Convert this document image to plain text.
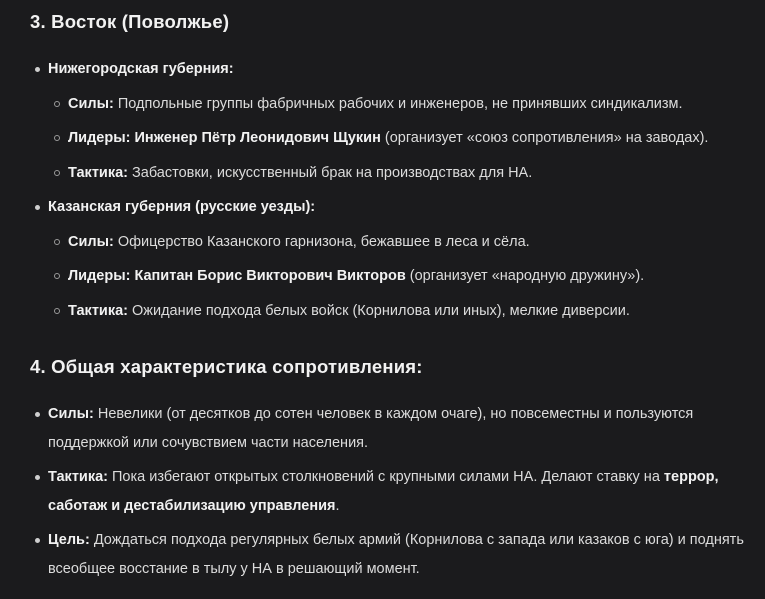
3. Восток (Поволжье)
Нижегородская губерния:
Силы: Подпольные группы фабричных рабочих и инженеров, не принявших синдикализм.
Лидеры: Инженер Пётр Леонидович Щукин (организует «союз сопротивления» на заводах).
Тактика: Забастовки, искусственный брак на производствах для НА.
Казанская губерния (русские уезды):
Силы: Офицерство Казанского гарнизона, бежавшее в леса и сёла.
Лидеры: Капитан Борис Викторович Викторов (организует «народную дружину»).
Тактика: Ожидание подхода белых войск (Корнилова или иных), мелкие диверсии.
4. Общая характеристика сопротивления:
Силы: Невелики (от десятков до сотен человек в каждом очаге), но повсеместны и пользуются поддержкой или сочувствием части населения.
Тактика: Пока избегают открытых столкновений с крупными силами НА. Делают ставку на террор, саботаж и дестабилизацию управления.
Цель: Дождаться подхода регулярных белых армий (Корнилова с запада или казаков с юга) и поднять всеобщее восстание в тылу у НА в решающий момент.
